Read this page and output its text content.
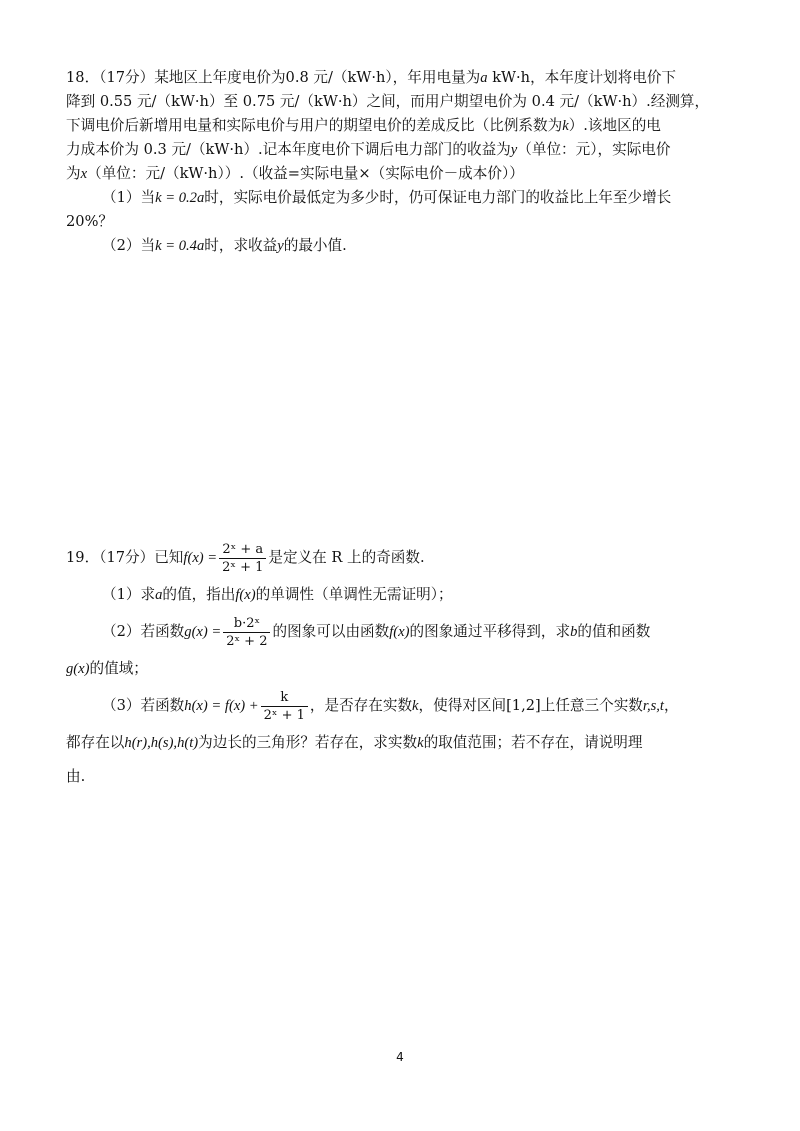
18．（17分）某地区上年度电价为0.8 元/（kW·h），年用电量为a kW·h，本年度计划将电价下
降到 0.55 元/（kW·h）至 0.75 元/（kW·h）之间，而用户期望电价为 0.4 元/（kW·h）.经测算，
下调电价后新增用电量和实际电价与用户的期望电价的差成反比（比例系数为k）.该地区的电
力成本价为 0.3 元/（kW·h）.记本年度电价下调后电力部门的收益为y（单位：元），实际电价
为x（单位：元/（kW·h））.（收益=实际电量×（实际电价－成本价））
（1）当k = 0.2a时，实际电价最低定为多少时，仍可保证电力部门的收益比上年至少增长
20%？
（2）当k = 0.4a时，求收益y的最小值.
19．（17分）已知$f(x) = \frac{\text{2ˣ + a}}{\text{2ˣ + 1}}$ 是定义在 R 上的奇函数.
（1）求a的值，指出f(x)的单调性（单调性无需证明）；
（2）若函数$g(x) = \frac{\text{b·2ˣ}}{\text{2ˣ + 2}}$ 的图象可以由函数f(x)的图象通过平移得到，求b的值和函数
g(x)的值域；
（3）若函数$h(x) = f(x) + \frac{k}{\text{2ˣ + 1}}$ ，是否存在实数k，使得对区间[1,2]上任意三个实数r,s,t，
都存在以h(r),h(s),h(t)为边长的三角形？若存在，求实数k的取值范围；若不存在，请说明理
由.
4
